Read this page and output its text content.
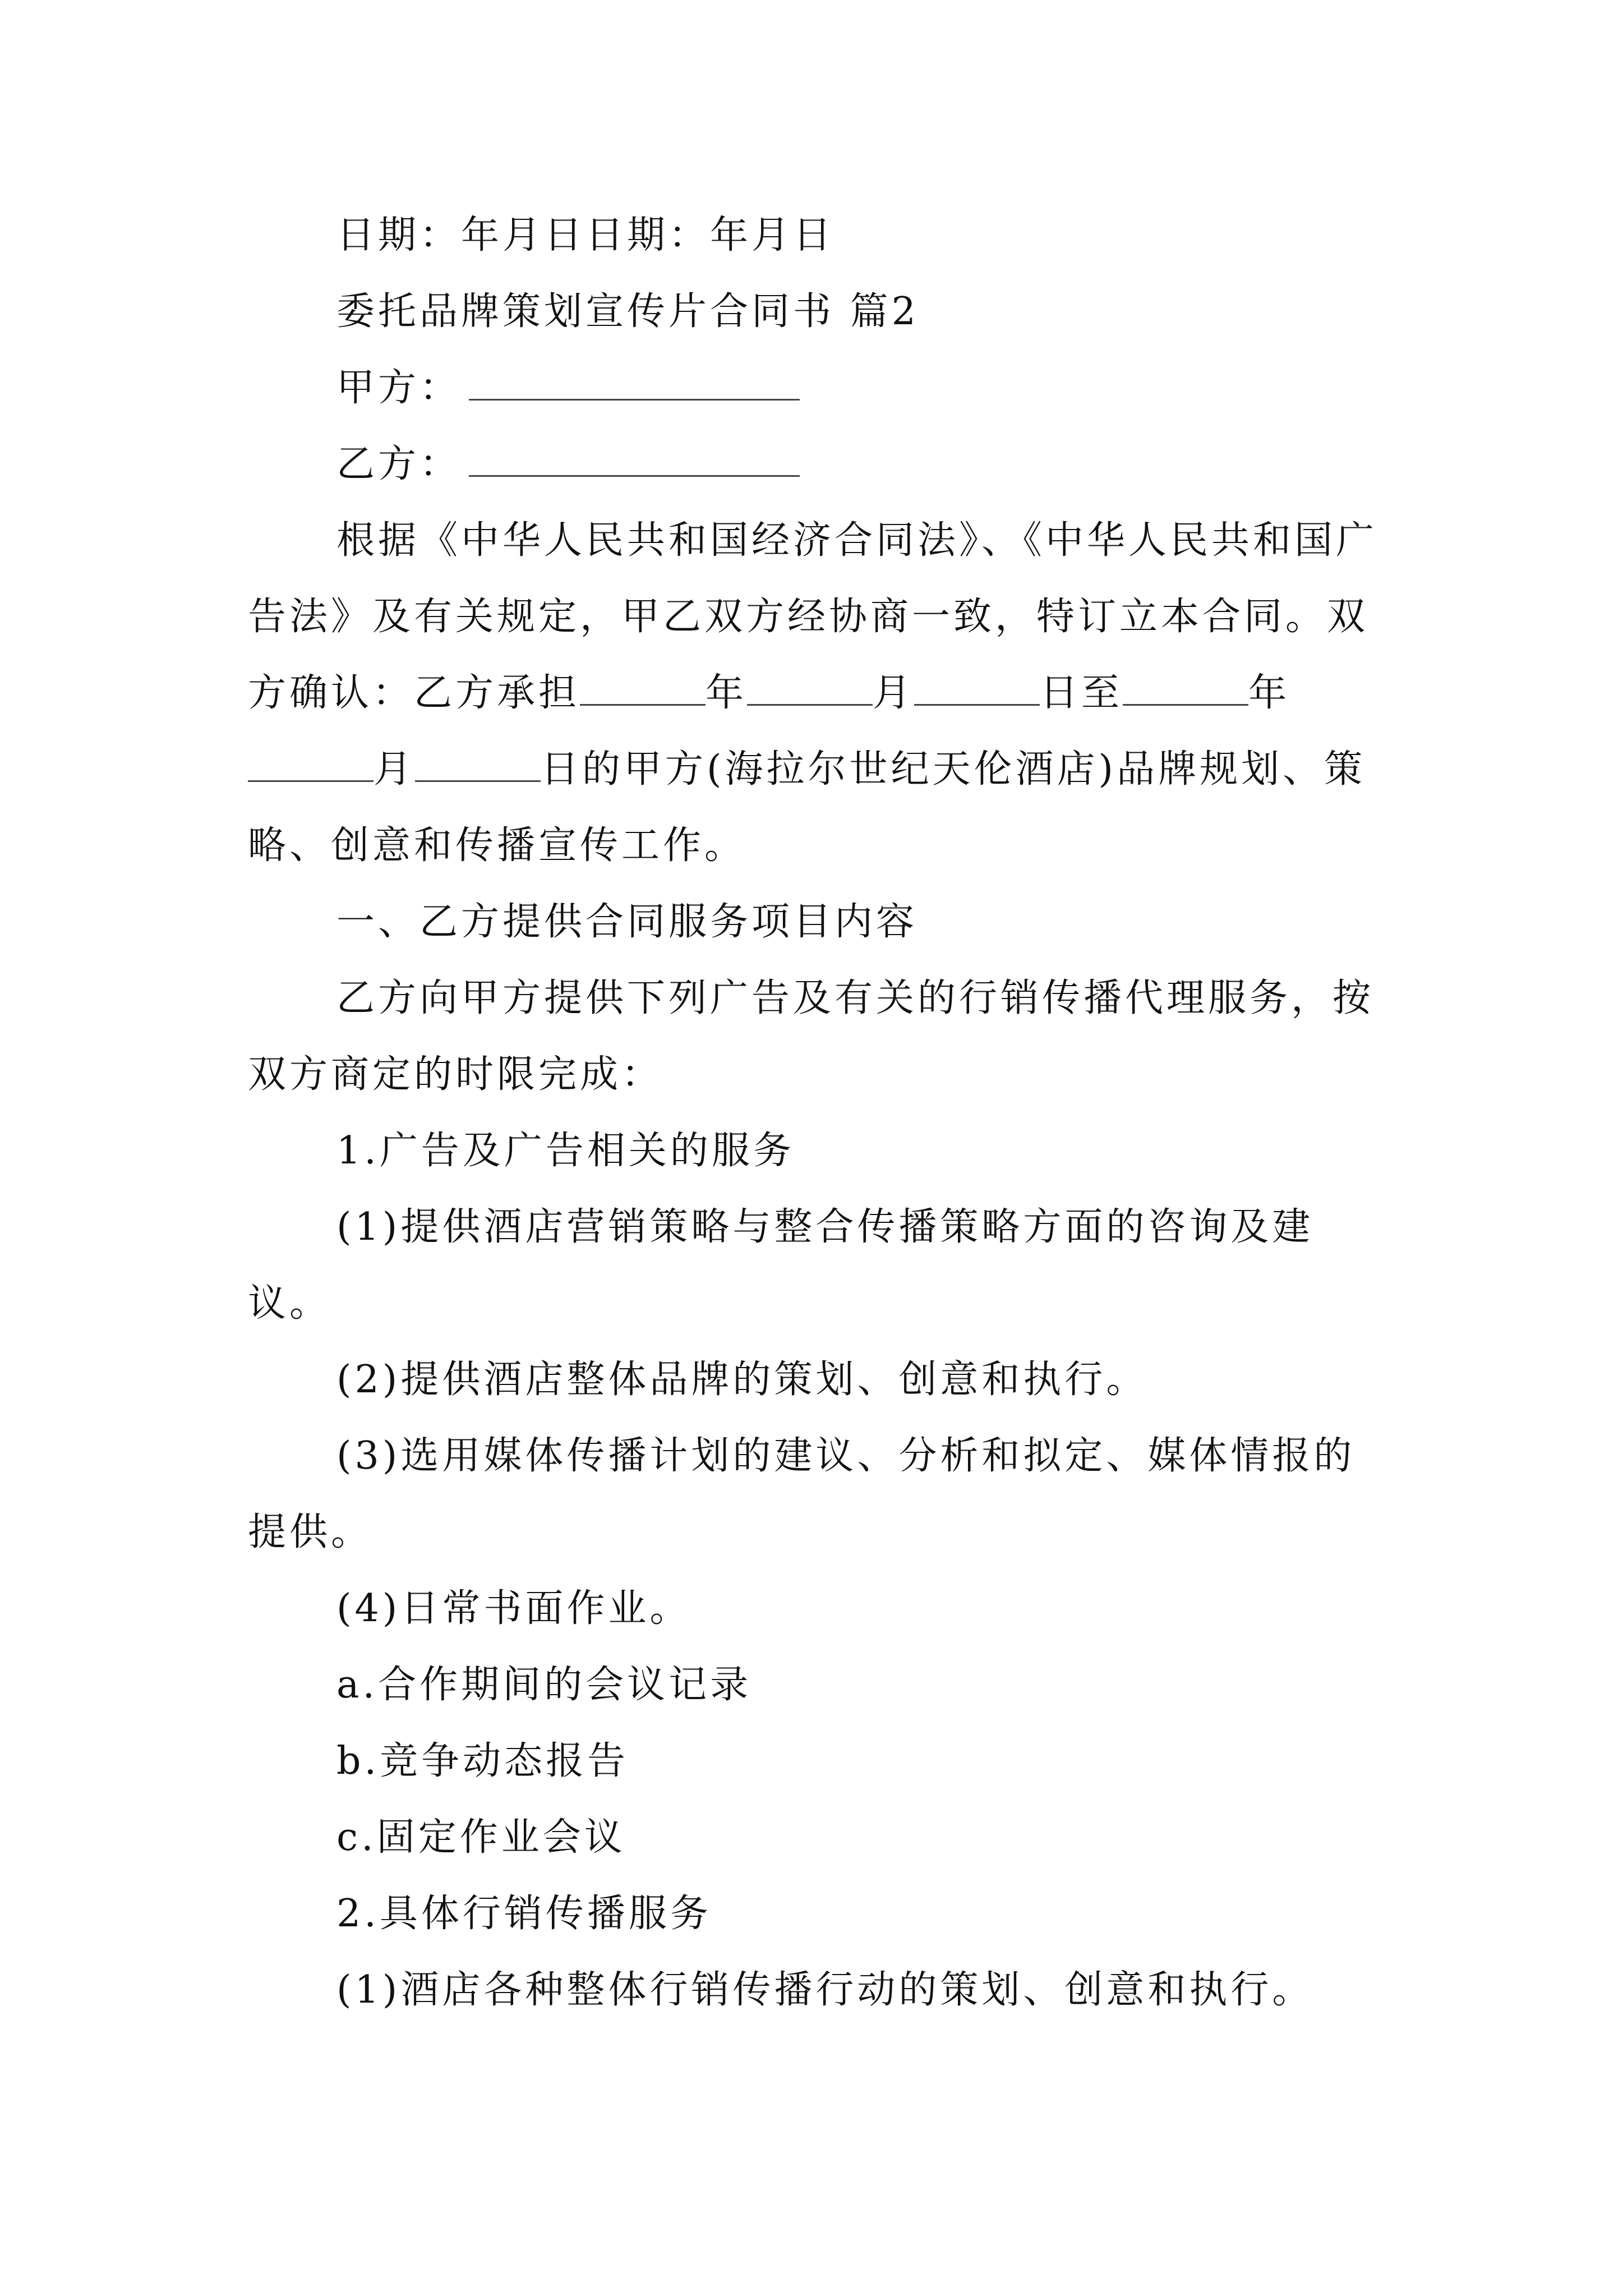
日期：年月日日期：年月日

委托品牌策划宣传片合同书 篇2

甲方：

乙方：

根据《中华人民共和国经济合同法》、《中华人民共和国广告法》及有关规定，甲乙双方经协商一致，特订立本合同。双方确认：乙方承担	年	月	日至	年月	日的甲方(海拉尔世纪天伦酒店)品牌规划、策略、创意和传播宣传工作。

一、乙方提供合同服务项目内容

乙方向甲方提供下列广告及有关的行销传播代理服务，按双方商定的时限完成：

1.广告及广告相关的服务

(1)提供酒店营销策略与整合传播策略方面的咨询及建议。

(2)提供酒店整体品牌的策划、创意和执行。

(3)选用媒体传播计划的建议、分析和拟定、媒体情报的提供。

(4)日常书面作业。

a.合作期间的会议记录

b.竞争动态报告

c.固定作业会议

2.具体行销传播服务

(1)酒店各种整体行销传播行动的策划、创意和执行。
